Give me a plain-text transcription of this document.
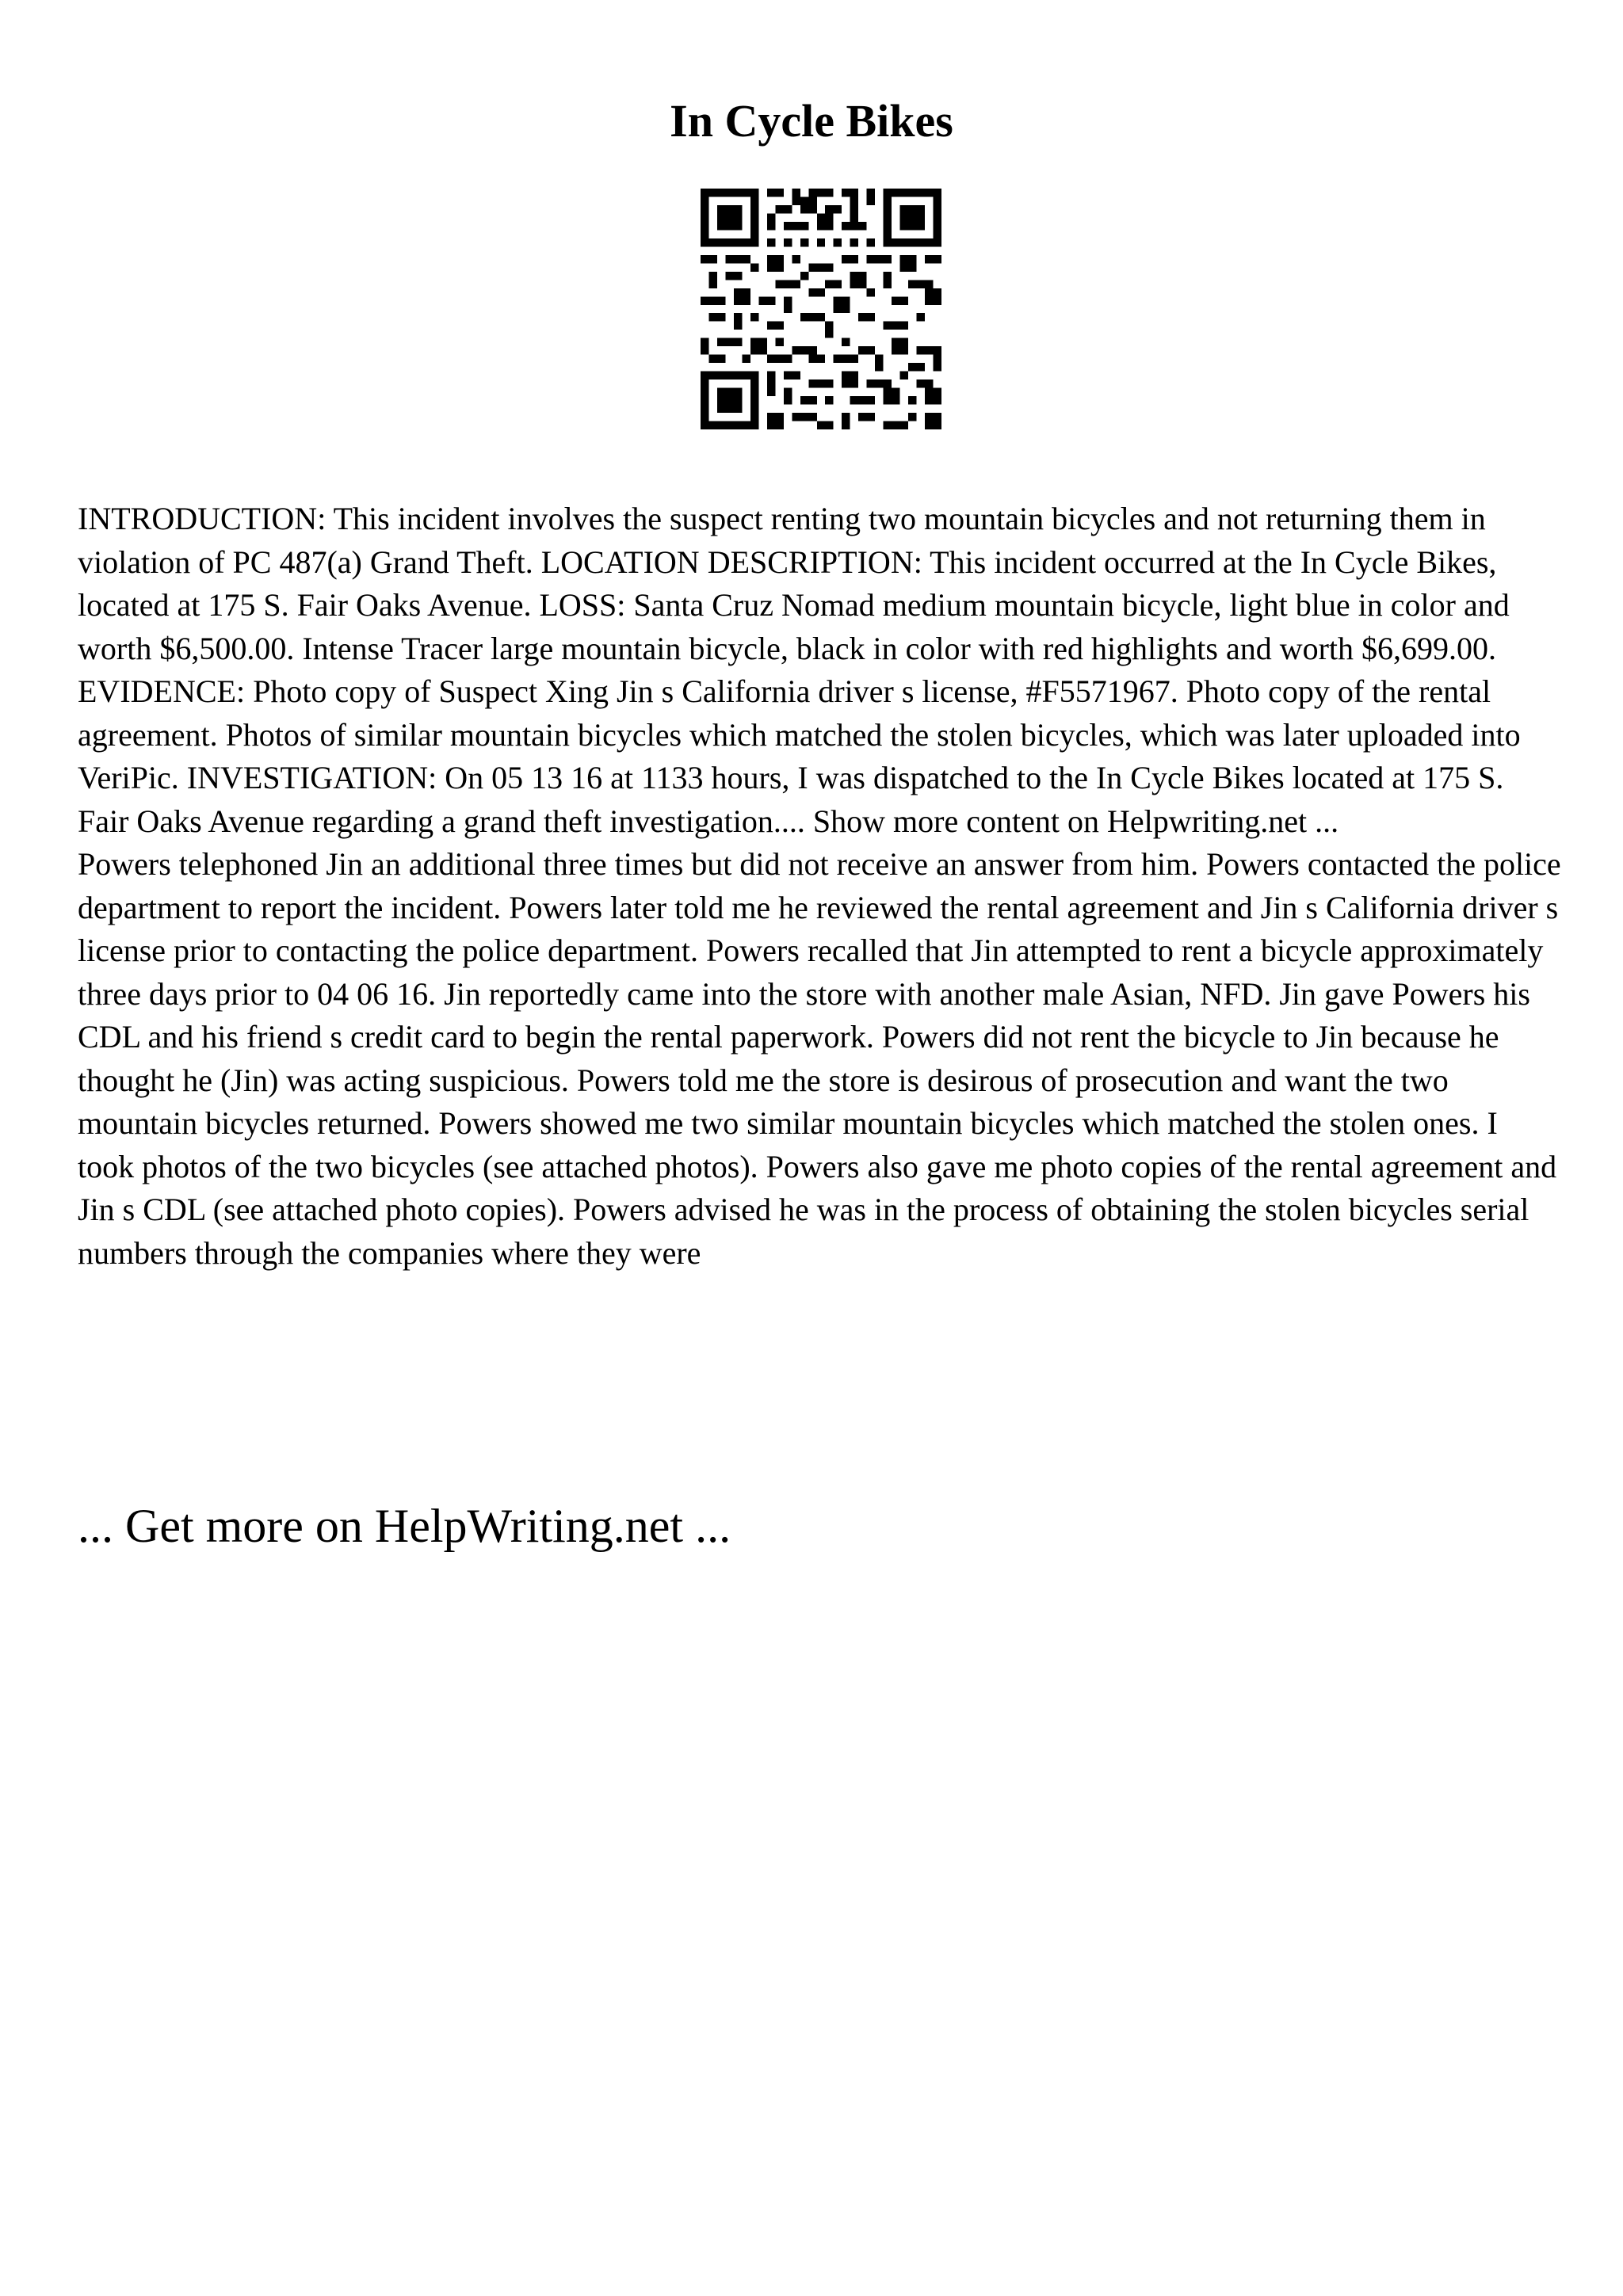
In Cycle Bikes

INTRODUCTION: This incident involves the suspect renting two mountain bicycles and not returning them in violation of PC 487(a) Grand Theft. LOCATION DESCRIPTION: This incident occurred at the In Cycle Bikes, located at 175 S. Fair Oaks Avenue. LOSS: Santa Cruz Nomad medium mountain bicycle, light blue in color and worth $6,500.00. Intense Tracer large mountain bicycle, black in color with red highlights and worth $6,699.00. EVIDENCE: Photo copy of Suspect Xing Jin s California driver s license, #F5571967. Photo copy of the rental agreement. Photos of similar mountain bicycles which matched the stolen bicycles, which was later uploaded into VeriPic. INVESTIGATION: On 05 13 16 at 1133 hours, I was dispatched to the In Cycle Bikes located at 175 S. Fair Oaks Avenue regarding a grand theft investigation.... Show more content on Helpwriting.net ...

Powers telephoned Jin an additional three times but did not receive an answer from him. Powers contacted the police department to report the incident. Powers later told me he reviewed the rental agreement and Jin s California driver s license prior to contacting the police department. Powers recalled that Jin attempted to rent a bicycle approximately three days prior to 04 06 16. Jin reportedly came into the store with another male Asian, NFD. Jin gave Powers his CDL and his friend s credit card to begin the rental paperwork. Powers did not rent the bicycle to Jin because he thought he (Jin) was acting suspicious. Powers told me the store is desirous of prosecution and want the two mountain bicycles returned. Powers showed me two similar mountain bicycles which matched the stolen ones. I took photos of the two bicycles (see attached photos). Powers also gave me photo copies of the rental agreement and Jin s CDL (see attached photo copies). Powers advised he was in the process of obtaining the stolen bicycles serial numbers through the companies where they were

... Get more on HelpWriting.net ...
